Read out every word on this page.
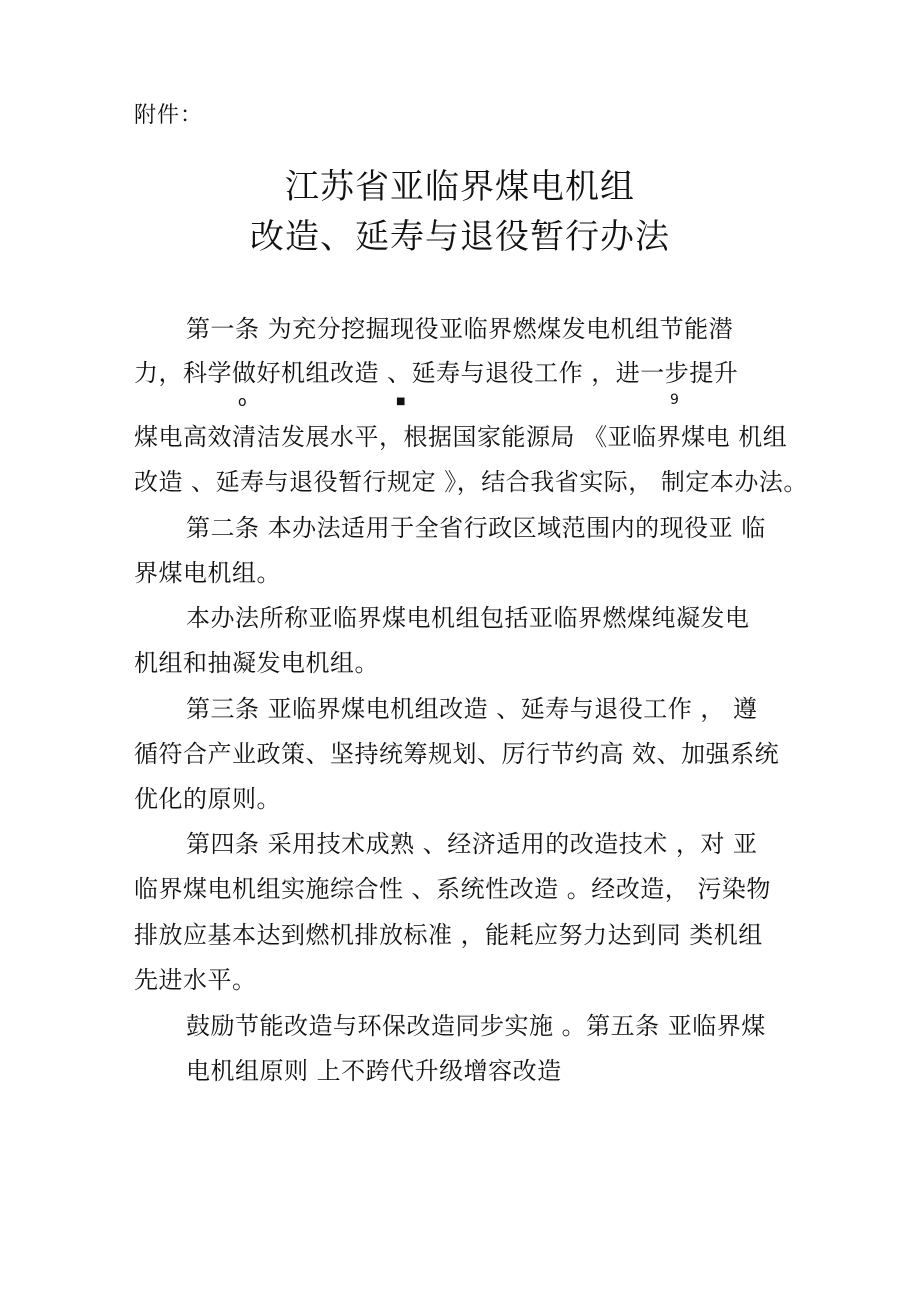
附件：
江苏省亚临界煤电机组
改造、延寿与退役暂行办法
第一条 为充分挖掘现役亚临界燃煤发电机组节能潜
力，科学做好机组改造 、延寿与退役工作 ，进一步提升
o	■	9
煤电高效清洁发展水平，根据国家能源局 《亚临界煤电 机组
改造 、延寿与退役暂行规定 》，结合我省实际， 制定本办法。
第二条 本办法适用于全省行政区域范围内的现役亚 临
界煤电机组。
本办法所称亚临界煤电机组包括亚临界燃煤纯凝发电
机组和抽凝发电机组。
第三条 亚临界煤电机组改造 、延寿与退役工作 ， 遵
循符合产业政策、坚持统筹规划、厉行节约高 效、加强系统
优化的原则。
第四条 采用技术成熟 、经济适用的改造技术 ，对 亚
临界煤电机组实施综合性 、系统性改造 。经改造， 污染物
排放应基本达到燃机排放标准 ，能耗应努力达到同 类机组
先进水平。
鼓励节能改造与环保改造同步实施 。第五条 亚临界煤
电机组原则 上不跨代升级增容改造
